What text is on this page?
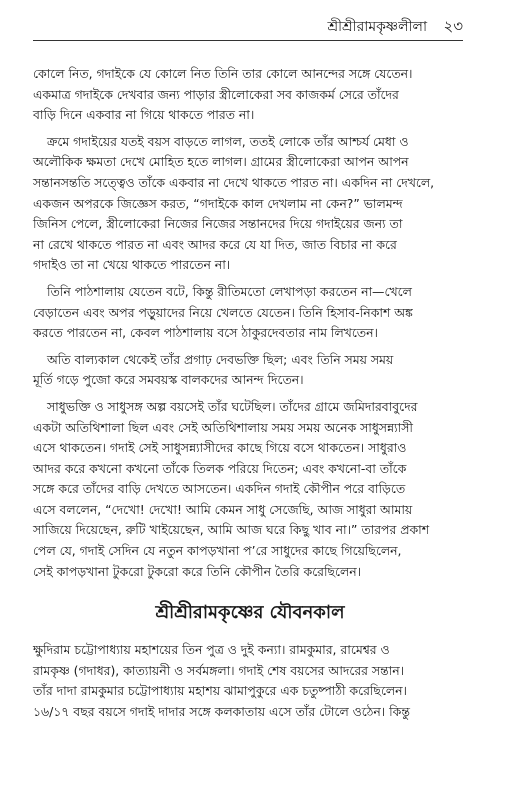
শ্রীশ্রীরামকৃষ্ণলীলা ২৩

কোলে নিত, গদাইকে যে কোলে নিত তিনি তার কোলে আনন্দের সঙ্গে যেতেন।
একমাত্র গদাইকে দেখবার জন্য পাড়ার স্ত্রীলোকেরা সব কাজকর্ম সেরে তাঁদের
বাড়ি দিনে একবার না গিয়ে থাকতে পারত না।

ক্রমে গদাইয়ের যতই বয়স বাড়তে লাগল, ততই লোকে তাঁর আশ্চর্য মেধা ও
অলৌকিক ক্ষমতা দেখে মোহিত হতে লাগল। গ্রামের স্ত্রীলোকেরা আপন আপন
সন্তানসন্ততি সত্ত্বেও তাঁকে একবার না দেখে থাকতে পারত না। একদিন না দেখলে,
একজন অপরকে জিজ্ঞেস করত, “গদাইকে কাল দেখলাম না কেন?” ভালমন্দ
জিনিস পেলে, স্ত্রীলোকেরা নিজের নিজের সন্তানদের দিয়ে গদাইয়ের জন্য তা
না রেখে থাকতে পারত না এবং আদর করে যে যা দিত, জাত বিচার না করে
গদাইও তা না খেয়ে থাকতে পারতেন না।

তিনি পাঠশালায় যেতেন বটে, কিন্তু রীতিমতো লেখাপড়া করতেন না—খেলে
বেড়াতেন এবং অপর পড়ুয়াদের নিয়ে খেলতে যেতেন। তিনি হিসাব-নিকাশ অঙ্ক
করতে পারতেন না, কেবল পাঠশালায় বসে ঠাকুরদেবতার নাম লিখতেন।

অতি বাল্যকাল থেকেই তাঁর প্রগাঢ় দেবভক্তি ছিল; এবং তিনি সময় সময়
মূর্তি গড়ে পুজো করে সমবয়স্ক বালকদের আনন্দ দিতেন।

সাধুভক্তি ও সাধুসঙ্গ অল্প বয়সেই তাঁর ঘটেছিল। তাঁদের গ্রামে জমিদারবাবুদের
একটা অতিথিশালা ছিল এবং সেই অতিথিশালায় সময় সময় অনেক সাধুসন্ন্যাসী
এসে থাকতেন। গদাই সেই সাধুসন্ন্যাসীদের কাছে গিয়ে বসে থাকতেন। সাধুরাও
আদর করে কখনো কখনো তাঁকে তিলক পরিয়ে দিতেন; এবং কখনো-বা তাঁকে
সঙ্গে করে তাঁদের বাড়ি দেখতে আসতেন। একদিন গদাই কৌপীন পরে বাড়িতে
এসে বললেন, “দেখো! দেখো! আমি কেমন সাধু সেজেছি, আজ সাধুরা আমায়
সাজিয়ে দিয়েছেন, রুটি খাইয়েছেন, আমি আজ ঘরে কিছু খাব না।” তারপর প্রকাশ
পেল যে, গদাই সেদিন যে নতুন কাপড়খানা প’রে সাধুদের কাছে গিয়েছিলেন,
সেই কাপড়খানা টুকরো টুকরো করে তিনি কৌপীন তৈরি করেছিলেন।

শ্রীশ্রীরামকৃষ্ণের যৌবনকাল

ক্ষুদিরাম চট্টোপাধ্যায় মহাশয়ের তিন পুত্র ও দুই কন্যা। রামকুমার, রামেশ্বর ও
রামকৃষ্ণ (গদাধর), কাত্যায়নী ও সর্বমঙ্গলা। গদাই শেষ বয়সের আদরের সন্তান।
তাঁর দাদা রামকুমার চট্টোপাধ্যায় মহাশয় ঝামাপুকুরে এক চতুষ্পাঠী করেছিলেন।
১৬/১৭ বছর বয়সে গদাই দাদার সঙ্গে কলকাতায় এসে তাঁর টোলে ওঠেন। কিন্তু
